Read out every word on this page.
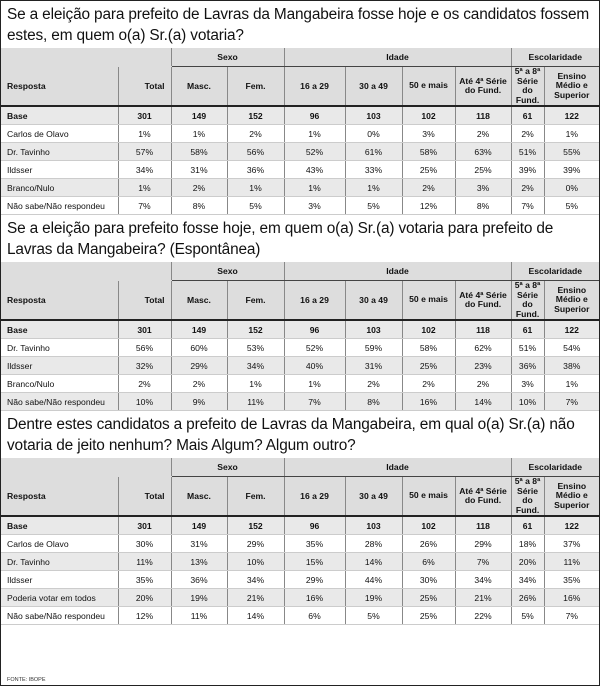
Se a eleição para prefeito de Lavras da Mangabeira fosse hoje e os candidatos fossem estes, em quem o(a) Sr.(a) votaria?
		Sexo		Idade				Escolaridade	
Resposta	Total	Masc.	Fem.	16 a 29	30 a 49	50 e mais	Até 4ª Série do Fund.	5ª a 8ª Série do Fund.	Ensino Médio e Superior
Base	301	149	152	96	103	102	118	61	122
Carlos de Olavo	1%	1%	2%	1%	0%	3%	2%	2%	1%
Dr. Tavinho	57%	58%	56%	52%	61%	58%	63%	51%	55%
Ildsser	34%	31%	36%	43%	33%	25%	25%	39%	39%
Branco/Nulo	1%	2%	1%	1%	1%	2%	3%	2%	0%
Não sabe/Não respondeu	7%	8%	5%	3%	5%	12%	8%	7%	5%
Se a eleição para prefeito fosse hoje, em quem o(a) Sr.(a) votaria para prefeito de Lavras da Mangabeira? (Espontânea)
		Sexo		Idade				Escolaridade	
Resposta	Total	Masc.	Fem.	16 a 29	30 a 49	50 e mais	Até 4ª Série do Fund.	5ª a 8ª Série do Fund.	Ensino Médio e Superior
Base	301	149	152	96	103	102	118	61	122
Dr. Tavinho	56%	60%	53%	52%	59%	58%	62%	51%	54%
Ildsser	32%	29%	34%	40%	31%	25%	23%	36%	38%
Branco/Nulo	2%	2%	1%	1%	2%	2%	2%	3%	1%
Não sabe/Não respondeu	10%	9%	11%	7%	8%	16%	14%	10%	7%
Dentre estes candidatos a prefeito de Lavras da Mangabeira, em qual o(a) Sr.(a) não votaria de jeito nenhum? Mais Algum? Algum outro?
		Sexo		Idade				Escolaridade	
Resposta	Total	Masc.	Fem.	16 a 29	30 a 49	50 e mais	Até 4ª Série do Fund.	5ª a 8ª Série do Fund.	Ensino Médio e Superior
Base	301	149	152	96	103	102	118	61	122
Carlos de Olavo	30%	31%	29%	35%	28%	26%	29%	18%	37%
Dr. Tavinho	11%	13%	10%	15%	14%	6%	7%	20%	11%
Ildsser	35%	36%	34%	29%	44%	30%	34%	34%	35%
Poderia votar em todos	20%	19%	21%	16%	19%	25%	21%	26%	16%
Não sabe/Não respondeu	12%	11%	14%	6%	5%	25%	22%	5%	7%
FONTE: IBOPE
